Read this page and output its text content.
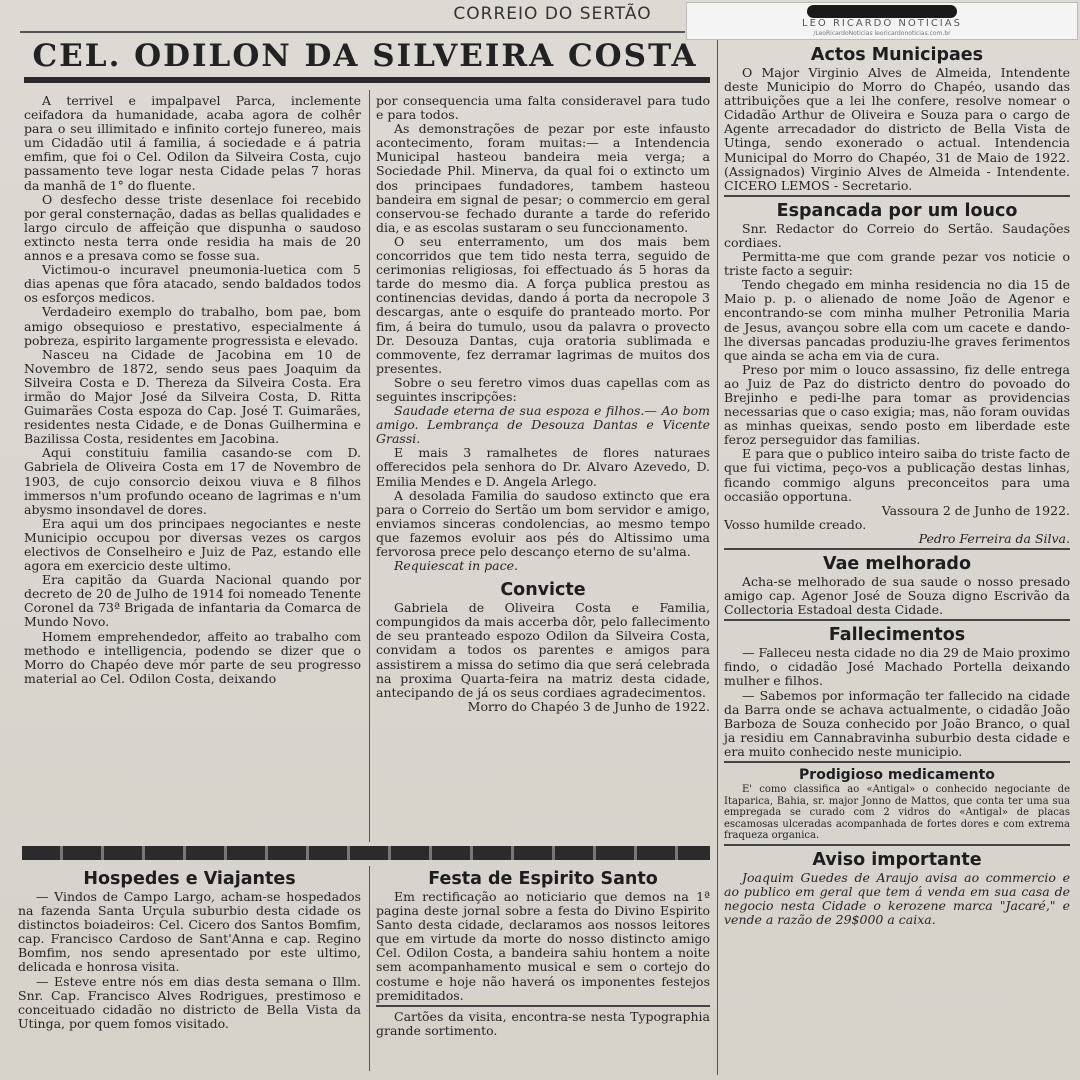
CORREIO DO SERTÃO	LEO RICARDO NOTÍCIAS
/LeoRicardoNoticias leoricardonoticias.com.br
CEL. ODILON DA SILVEIRA COSTA

A terrivel e impalpavel Parca, inclemente ceifadora da humanidade, acaba agora de colhêr para o seu illimitado e infinito cortejo funereo, mais um Cidadão util á familia, á sociedade e á patria emfim, que foi o Cel. Odilon da Silveira Costa, cujo passamento teve logar nesta Cidade pelas 7 horas da manhã de 1° do fluente.

O desfecho desse triste desenlace foi recebido por geral consternação, dadas as bellas qualidades e largo circulo de affeição que dispunha o saudoso extincto nesta terra onde residia ha mais de 20 annos e a presava como se fosse sua.

Victimou-o incuravel pneumonia-luetica com 5 dias apenas que fôra atacado, sendo baldados todos os esforços medicos.

Verdadeiro exemplo do trabalho, bom pae, bom amigo obsequioso e prestativo, especialmente á pobreza, espirito largamente progressista e elevado.

Nasceu na Cidade de Jacobina em 10 de Novembro de 1872, sendo seus paes Joaquim da Silveira Costa e D. Thereza da Silveira Costa. Era irmão do Major José da Silveira Costa, D. Ritta Guimarães Costa espoza do Cap. José T. Guimarães, residentes nesta Cidade, e de Donas Guilhermina e Bazilissa Costa, residentes em Jacobina.

Aqui constituiu familia casando-se com D. Gabriela de Oliveira Costa em 17 de Novembro de 1903, de cujo consorcio deixou viuva e 8 filhos immersos n'um profundo oceano de lagrimas e n'um abysmo insondavel de dores.

Era aqui um dos principaes negociantes e neste Municipio occupou por diversas vezes os cargos electivos de Conselheiro e Juiz de Paz, estando elle agora em exercicio deste ultimo.

Era capitão da Guarda Nacional quando por decreto de 20 de Julho de 1914 foi nomeado Tenente Coronel da 73ª Brigada de infantaria da Comarca de Mundo Novo.

Homem emprehendedor, affeito ao trabalho com methodo e intelligencia, podendo se dizer que o Morro do Chapéo deve mór parte de seu progresso material ao Cel. Odilon Costa, deixando

por consequencia uma falta consideravel para tudo e para todos.

As demonstrações de pezar por este infausto acontecimento, foram muitas:— a Intendencia Municipal hasteou bandeira meia verga; a Sociedade Phil. Minerva, da qual foi o extincto um dos principaes fundadores, tambem hasteou bandeira em signal de pesar; o commercio em geral conservou-se fechado durante a tarde do referido dia, e as escolas sustaram o seu funccionamento.

O seu enterramento, um dos mais bem concorridos que tem tido nesta terra, seguido de cerimonias religiosas, foi effectuado ás 5 horas da tarde do mesmo dia. A força publica prestou as continencias devidas, dando á porta da necropole 3 descargas, ante o esquife do pranteado morto. Por fim, á beira do tumulo, usou da palavra o provecto Dr. Desouza Dantas, cuja oratoria sublimada e commovente, fez derramar lagrimas de muitos dos presentes.

Sobre o seu feretro vimos duas capellas com as seguintes inscripções:

Saudade eterna de sua espoza e filhos.— Ao bom amigo. Lembrança de Desouza Dantas e Vicente Grassi.

E mais 3 ramalhetes de flores naturaes offerecidos pela senhora do Dr. Alvaro Azevedo, D. Emilia Mendes e D. Angela Arlego.

A desolada Familia do saudoso extincto que era para o Correio do Sertão um bom servidor e amigo, enviamos sinceras condolencias, ao mesmo tempo que fazemos evoluir aos pés do Altissimo uma fervorosa prece pelo descanço eterno de su'alma.

Requiescat in pace.

Convicte

Gabriela de Oliveira Costa e Familia, compungidos da mais accerba dôr, pelo fallecimento de seu pranteado espozo Odilon da Silveira Costa, convidam a todos os parentes e amigos para assistirem a missa do setimo dia que será celebrada na proxima Quarta-feira na matriz desta cidade, antecipando de já os seus cordiaes agradecimentos.

Morro do Chapéo 3 de Junho de 1922.

Actos Municipaes

O Major Virginio Alves de Almeida, Intendente deste Municipio do Morro do Chapéo, usando das attribuições que a lei lhe confere, resolve nomear o Cidadão Arthur de Oliveira e Souza para o cargo de Agente arrecadador do districto de Bella Vista de Utinga, sendo exonerado o actual. Intendencia Municipal do Morro do Chapéo, 31 de Maio de 1922. (Assignados) Virginio Alves de Almeida - Intendente. CICERO LEMOS - Secretario.

Espancada por um louco

Snr. Redactor do Correio do Sertão. Saudações cordiaes.

Permitta-me que com grande pezar vos noticie o triste facto a seguir:

Tendo chegado em minha residencia no dia 15 de Maio p. p. o alienado de nome João de Agenor e encontrando-se com minha mulher Petronilia Maria de Jesus, avançou sobre ella com um cacete e dando-lhe diversas pancadas produziu-lhe graves ferimentos que ainda se acha em via de cura.

Preso por mim o louco assassino, fiz delle entrega ao Juiz de Paz do districto dentro do povoado do Brejinho e pedi-lhe para tomar as providencias necessarias que o caso exigia; mas, não foram ouvidas as minhas queixas, sendo posto em liberdade este feroz perseguidor das familias.

E para que o publico inteiro saiba do triste facto de que fui victima, peço-vos a publicação destas linhas, ficando commigo alguns preconceitos para uma occasião opportuna.

Vassoura 2 de Junho de 1922.

Vosso humilde creado.

Pedro Ferreira da Silva.

Vae melhorado

Acha-se melhorado de sua saude o nosso presado amigo cap. Agenor José de Souza digno Escrivão da Collectoria Estadoal desta Cidade.

Fallecimentos

— Falleceu nesta cidade no dia 29 de Maio proximo findo, o cidadão José Machado Portella deixando mulher e filhos.

— Sabemos por informação ter fallecido na cidade da Barra onde se achava actualmente, o cidadão João Barboza de Souza conhecido por João Branco, o qual ja residiu em Cannabravinha suburbio desta cidade e era muito conhecido neste municipio.

Prodigioso medicamento

E' como classifica ao «Antigal» o conhecido negociante de Itaparica, Bahia, sr. major Jonno de Mattos, que conta ter uma sua empregada se curado com 2 vidros do «Antigal» de placas escamosas ulceradas acompanhada de fortes dores e com extrema fraqueza organica.

Aviso importante

Joaquim Guedes de Araujo avisa ao commercio e ao publico em geral que tem á venda em sua casa de negocio nesta Cidade o kerozene marca "Jacaré," e vende a razão de 29$000 a caixa.

Hospedes e Viajantes

— Vindos de Campo Largo, acham-se hospedados na fazenda Santa Urçula suburbio desta cidade os distinctos boiadeiros: Cel. Cicero dos Santos Bomfim, cap. Francisco Cardoso de Sant'Anna e cap. Regino Bomfim, nos sendo apresentado por este ultimo, delicada e honrosa visita.

— Esteve entre nós em dias desta semana o Illm. Snr. Cap. Francisco Alves Rodrigues, prestimoso e conceituado cidadão no districto de Bella Vista da Utinga, por quem fomos visitado.

Festa de Espirito Santo

Em rectificação ao noticiario que demos na 1ª pagina deste jornal sobre a festa do Divino Espirito Santo desta cidade, declaramos aos nossos leitores que em virtude da morte do nosso distincto amigo Cel. Odilon Costa, a bandeira sahiu hontem a noite sem acompanhamento musical e sem o cortejo do costume e hoje não haverá os imponentes festejos premiditados.

Cartões da visita, encontra-se nesta Typographia grande sortimento.
